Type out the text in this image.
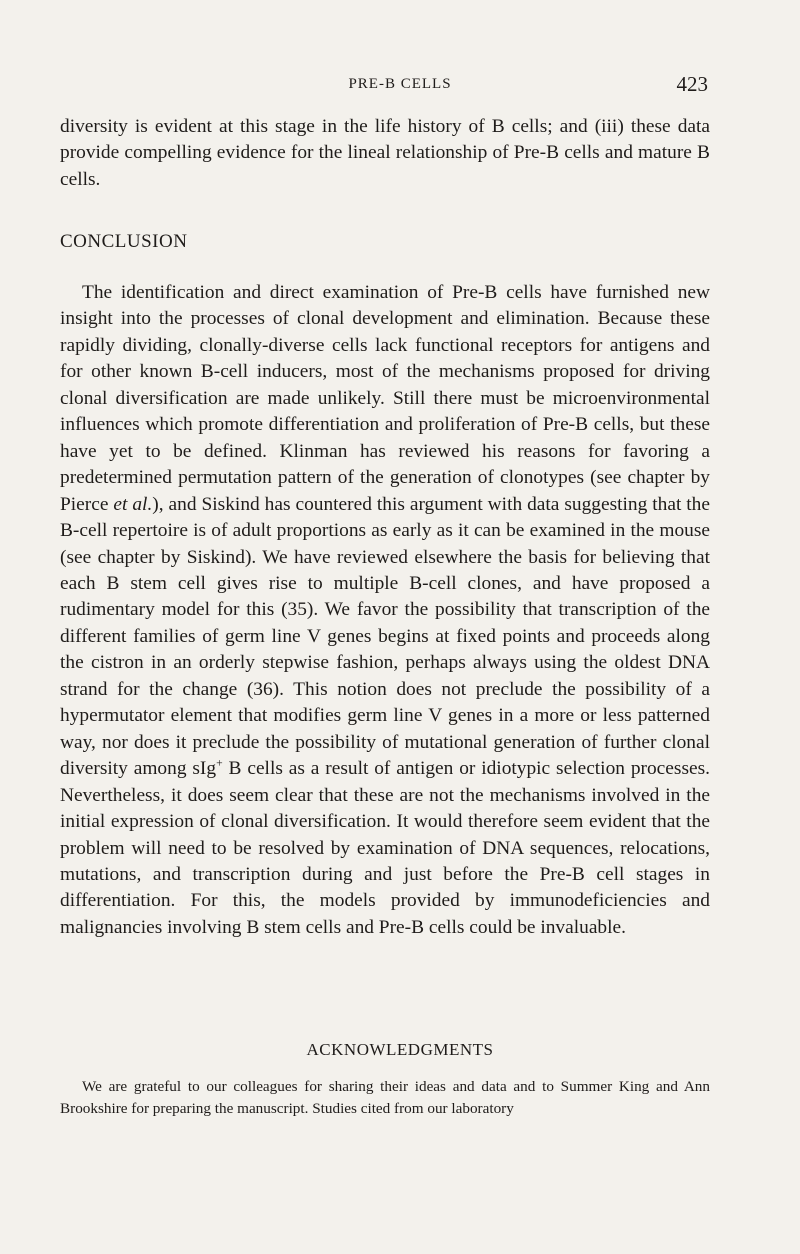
PRE-B CELLS	423

diversity is evident at this stage in the life history of B cells; and (iii) these data provide compelling evidence for the lineal relationship of Pre-B cells and mature B cells.

CONCLUSION

The identification and direct examination of Pre-B cells have furnished new insight into the processes of clonal development and elimination. Because these rapidly dividing, clonally-diverse cells lack functional receptors for antigens and for other known B-cell inducers, most of the mechanisms proposed for driving clonal diversification are made unlikely. Still there must be microenvironmental influences which promote differentiation and proliferation of Pre-B cells, but these have yet to be defined. Klinman has reviewed his reasons for favoring a predetermined permutation pattern of the generation of clonotypes (see chapter by Pierce et al.), and Siskind has countered this argument with data suggesting that the B-cell repertoire is of adult proportions as early as it can be examined in the mouse (see chapter by Siskind). We have reviewed elsewhere the basis for believing that each B stem cell gives rise to multiple B-cell clones, and have proposed a rudimentary model for this (35). We favor the possibility that transcription of the different families of germ line V genes begins at fixed points and proceeds along the cistron in an orderly stepwise fashion, perhaps always using the oldest DNA strand for the change (36). This notion does not preclude the possibility of a hypermutator element that modifies germ line V genes in a more or less patterned way, nor does it preclude the possibility of mutational generation of further clonal diversity among sIg+ B cells as a result of antigen or idiotypic selection processes. Nevertheless, it does seem clear that these are not the mechanisms involved in the initial expression of clonal diversification. It would therefore seem evident that the problem will need to be resolved by examination of DNA sequences, relocations, mutations, and transcription during and just before the Pre-B cell stages in differentiation. For this, the models provided by immunodeficiencies and malignancies involving B stem cells and Pre-B cells could be invaluable.

ACKNOWLEDGMENTS

We are grateful to our colleagues for sharing their ideas and data and to Summer King and Ann Brookshire for preparing the manuscript. Studies cited from our laboratory
